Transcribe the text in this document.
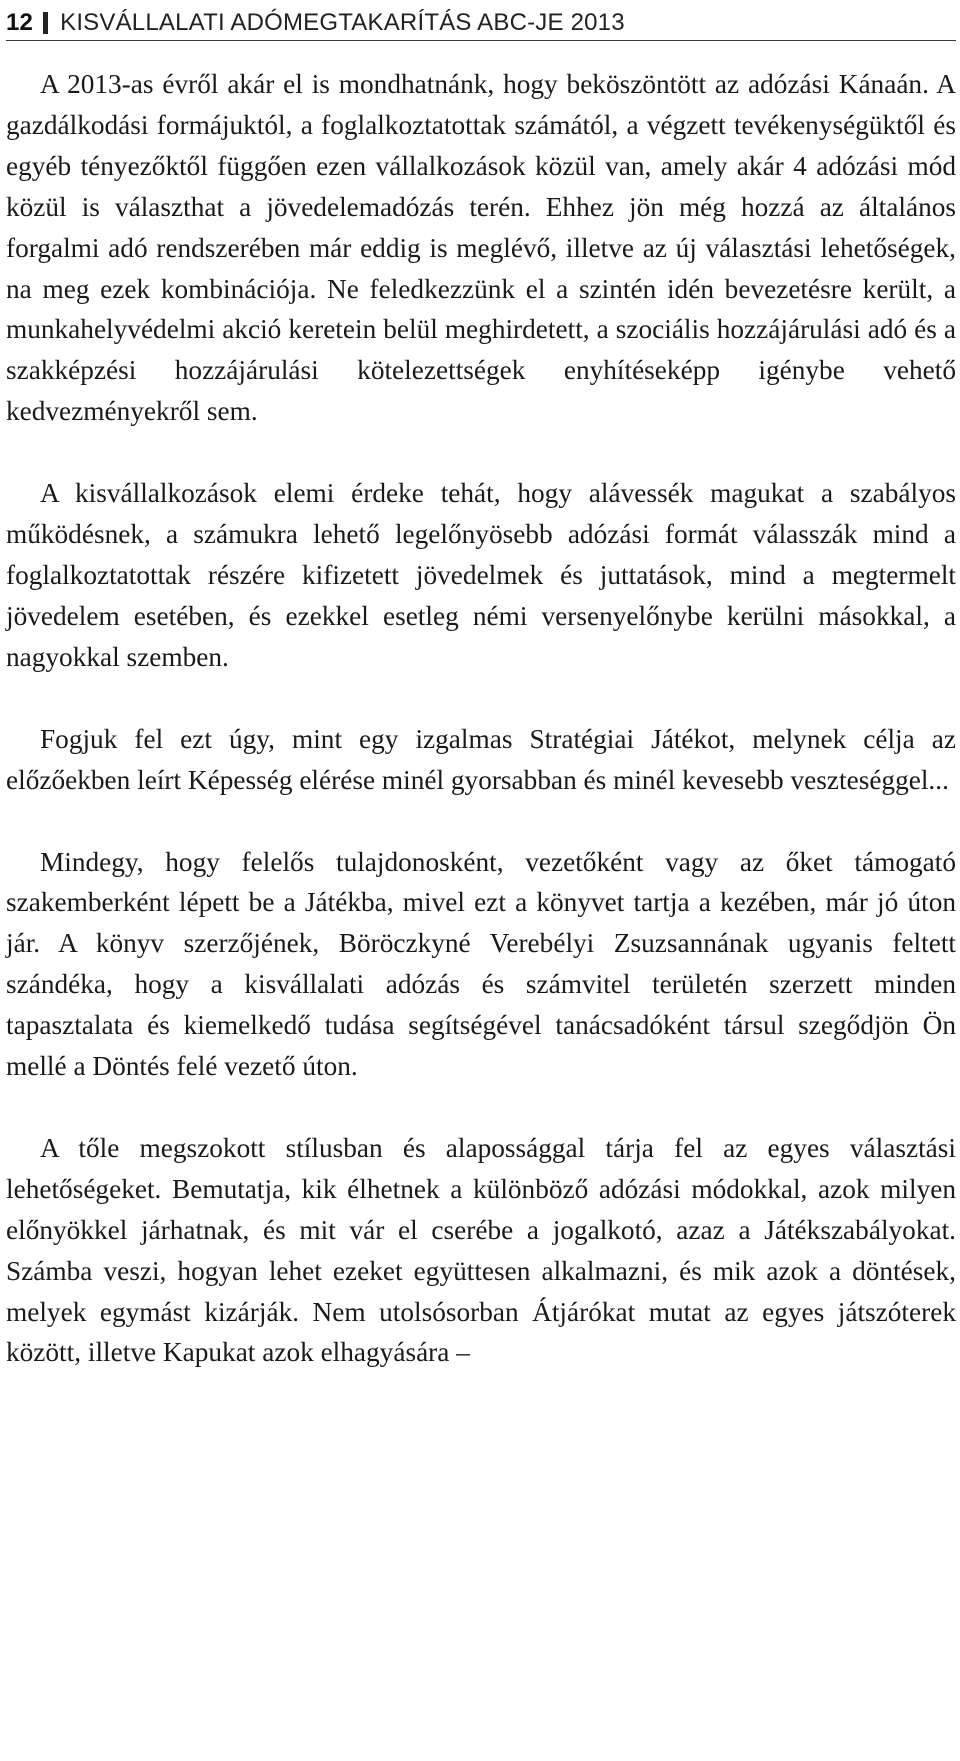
12 KISVÁLLALATI ADÓMEGTAKARÍTÁS ABC-JE 2013

A 2013-as évről akár el is mondhatnánk, hogy beköszöntött az adózási Kánaán. A gazdálkodási formájuktól, a foglalkoztatottak számától, a végzett tevékenységüktől és egyéb tényezőktől függően ezen vállalkozások közül van, amely akár 4 adózási mód közül is választhat a jövedelemadózás terén. Ehhez jön még hozzá az általános forgalmi adó rendszerében már eddig is meglévő, illetve az új választási lehetőségek, na meg ezek kombinációja. Ne feledkezzünk el a szintén idén bevezetésre került, a munkahelyvédelmi akció keretein belül meghirdetett, a szociális hozzájárulási adó és a szakképzési hozzájárulási kötelezettségek enyhítéseképp igénybe vehető kedvezményekről sem.

A kisvállalkozások elemi érdeke tehát, hogy alávessék magukat a szabályos működésnek, a számukra lehető legelőnyösebb adózási formát válasszák mind a foglalkoztatottak részére kifizetett jövedelmek és juttatások, mind a megtermelt jövedelem esetében, és ezekkel esetleg némi versenyelőnybe kerülni másokkal, a nagyokkal szemben.

Fogjuk fel ezt úgy, mint egy izgalmas Stratégiai Játékot, melynek célja az előzőekben leírt Képesség elérése minél gyorsabban és minél kevesebb veszteséggel...

Mindegy, hogy felelős tulajdonosként, vezetőként vagy az őket támogató szakemberként lépett be a Játékba, mivel ezt a könyvet tartja a kezében, már jó úton jár. A könyv szerzőjének, Böröczkyné Verebélyi Zsuzsannának ugyanis feltett szándéka, hogy a kisvállalati adózás és számvitel területén szerzett minden tapasztalata és kiemelkedő tudása segítségével tanácsadóként társul szegődjön Ön mellé a Döntés felé vezető úton.

A tőle megszokott stílusban és alapossággal tárja fel az egyes választási lehetőségeket. Bemutatja, kik élhetnek a különböző adózási módokkal, azok milyen előnyökkel járhatnak, és mit vár el cserébe a jogalkotó, azaz a Játékszabályokat. Számba veszi, hogyan lehet ezeket együttesen alkalmazni, és mik azok a döntések, melyek egymást kizárják. Nem utolsósorban Átjárókat mutat az egyes játszóterek között, illetve Kapukat azok elhagyására –
